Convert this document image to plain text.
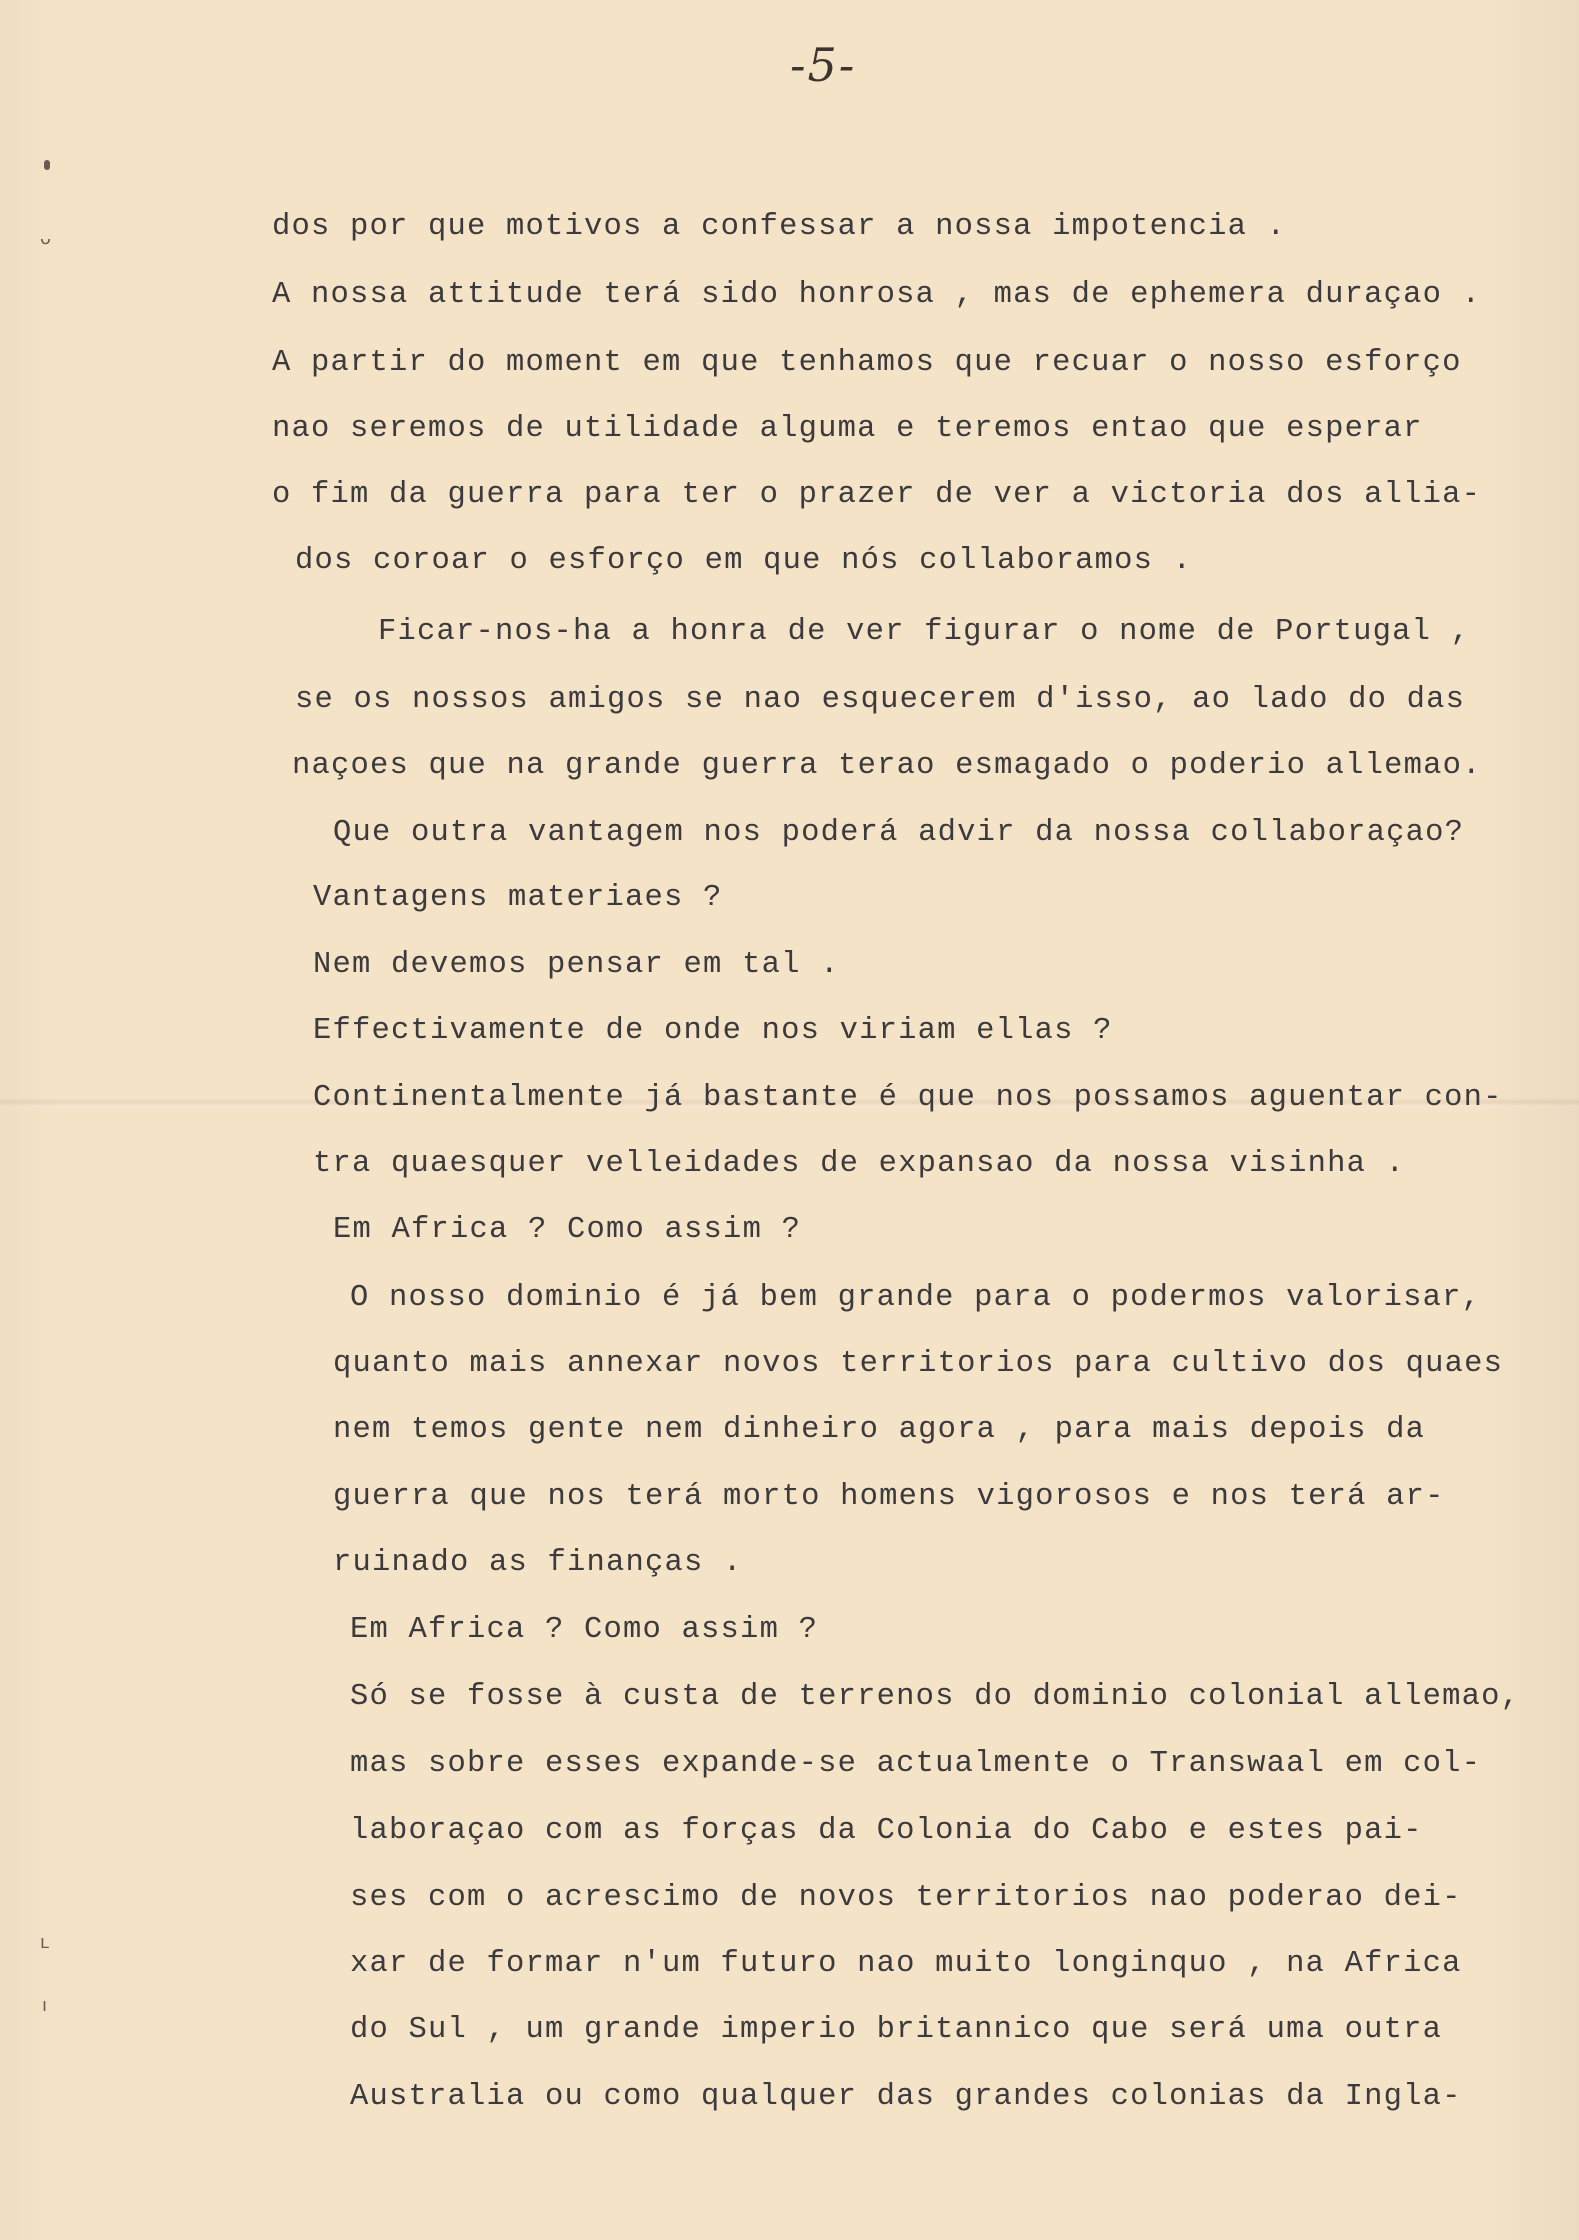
-5-
ᴗ
ʟ
ı

dos por que motivos a confessar a nossa impotencia .

A nossa attitude terá sido honrosa , mas de ephemera duraçao .

A partir do moment em que tenhamos que recuar o nosso esforço

nao seremos de utilidade alguma e teremos entao que esperar

o fim da guerra para ter o prazer de ver a victoria dos allia-

dos coroar o esforço em que nós collaboramos .

Ficar-nos-ha a honra de ver figurar o nome de Portugal ,

se os nossos amigos se nao esquecerem d'isso, ao lado do das

naçoes que na grande guerra terao esmagado o poderio allemao.

Que outra vantagem nos poderá advir da nossa collaboraçao?

Vantagens materiaes ?

Nem devemos pensar em tal .

Effectivamente de onde nos viriam ellas ?

Continentalmente já bastante é que nos possamos aguentar con-

tra quaesquer velleidades de expansao da nossa visinha .

Em Africa ? Como assim ?

O nosso dominio é já bem grande para o podermos valorisar,

quanto mais annexar novos territorios para cultivo dos quaes

nem temos gente nem dinheiro agora , para mais depois da

guerra que nos terá morto homens vigorosos e nos terá ar-

ruinado as finanças .

Em Africa ? Como assim ?

Só se fosse à custa de terrenos do dominio colonial allemao,

mas sobre esses expande-se actualmente o Transwaal em col-

laboraçao com as forças da Colonia do Cabo e estes pai-

ses com o acrescimo de novos territorios nao poderao dei-

xar de formar n'um futuro nao muito longinquo , na Africa

do Sul , um grande imperio britannico que será uma outra

Australia ou como qualquer das grandes colonias da Ingla-
